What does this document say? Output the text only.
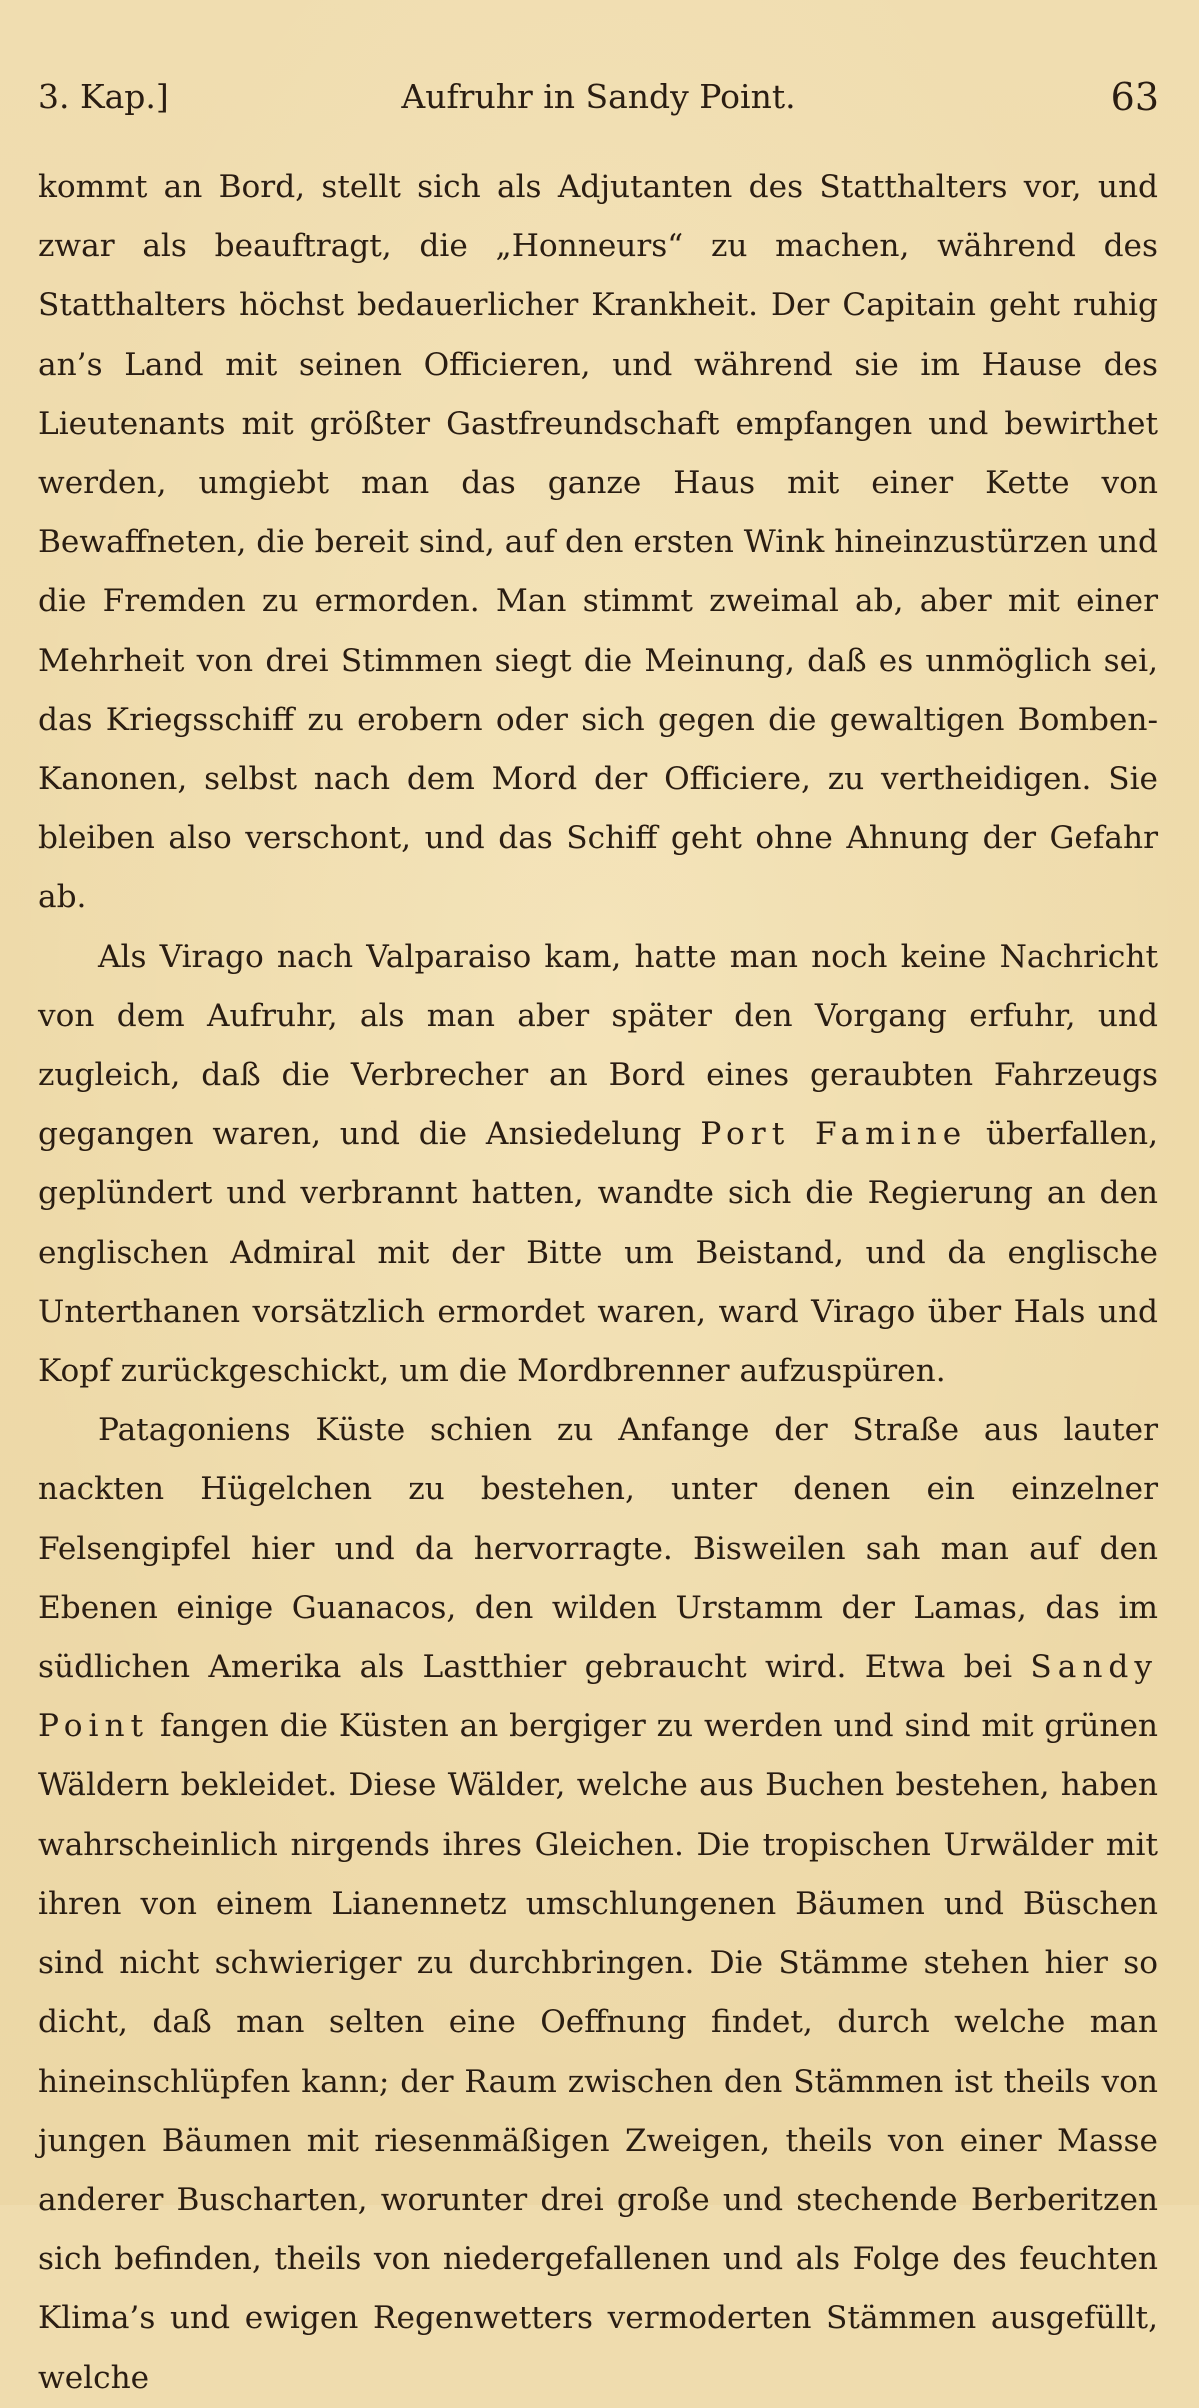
3. Kap.]	Aufruhr in Sandy Point.	63

kommt an Bord, stellt sich als Adjutanten des Statthalters vor, und zwar als beauftragt, die „Honneurs“ zu machen, während des Statthalters höchst bedauerlicher Krankheit. Der Capitain geht ruhig an’s Land mit seinen Officieren, und während sie im Hause des Lieutenants mit größter Gastfreundschaft empfangen und bewirthet werden, umgiebt man das ganze Haus mit einer Kette von Bewaffneten, die bereit sind, auf den ersten Wink hineinzustürzen und die Fremden zu ermorden. Man stimmt zweimal ab, aber mit einer Mehrheit von drei Stimmen siegt die Meinung, daß es unmöglich sei, das Kriegsschiff zu erobern oder sich gegen die gewaltigen Bomben-Kanonen, selbst nach dem Mord der Officiere, zu vertheidigen. Sie bleiben also verschont, und das Schiff geht ohne Ahnung der Gefahr ab.

Als Virago nach Valparaiso kam, hatte man noch keine Nachricht von dem Aufruhr, als man aber später den Vorgang erfuhr, und zugleich, daß die Verbrecher an Bord eines geraubten Fahrzeugs gegangen waren, und die Ansiedelung Port Famine überfallen, geplündert und verbrannt hatten, wandte sich die Regierung an den englischen Admiral mit der Bitte um Beistand, und da englische Unterthanen vorsätzlich ermordet waren, ward Virago über Hals und Kopf zurückgeschickt, um die Mordbrenner aufzuspüren.

Patagoniens Küste schien zu Anfange der Straße aus lauter nackten Hügelchen zu bestehen, unter denen ein einzelner Felsengipfel hier und da hervorragte. Bisweilen sah man auf den Ebenen einige Guanacos, den wilden Urstamm der Lamas, das im südlichen Amerika als Lastthier gebraucht wird. Etwa bei Sandy Point fangen die Küsten an bergiger zu werden und sind mit grünen Wäldern bekleidet. Diese Wälder, welche aus Buchen bestehen, haben wahrscheinlich nirgends ihres Gleichen. Die tropischen Urwälder mit ihren von einem Lianennetz umschlungenen Bäumen und Büschen sind nicht schwieriger zu durchbringen. Die Stämme stehen hier so dicht, daß man selten eine Oeffnung findet, durch welche man hineinschlüpfen kann; der Raum zwischen den Stämmen ist theils von jungen Bäumen mit riesenmäßigen Zweigen, theils von einer Masse anderer Buscharten, worunter drei große und stechende Berberitzen sich befinden, theils von niedergefallenen und als Folge des feuchten Klima’s und ewigen Regenwetters vermoderten Stämmen ausgefüllt, welche
